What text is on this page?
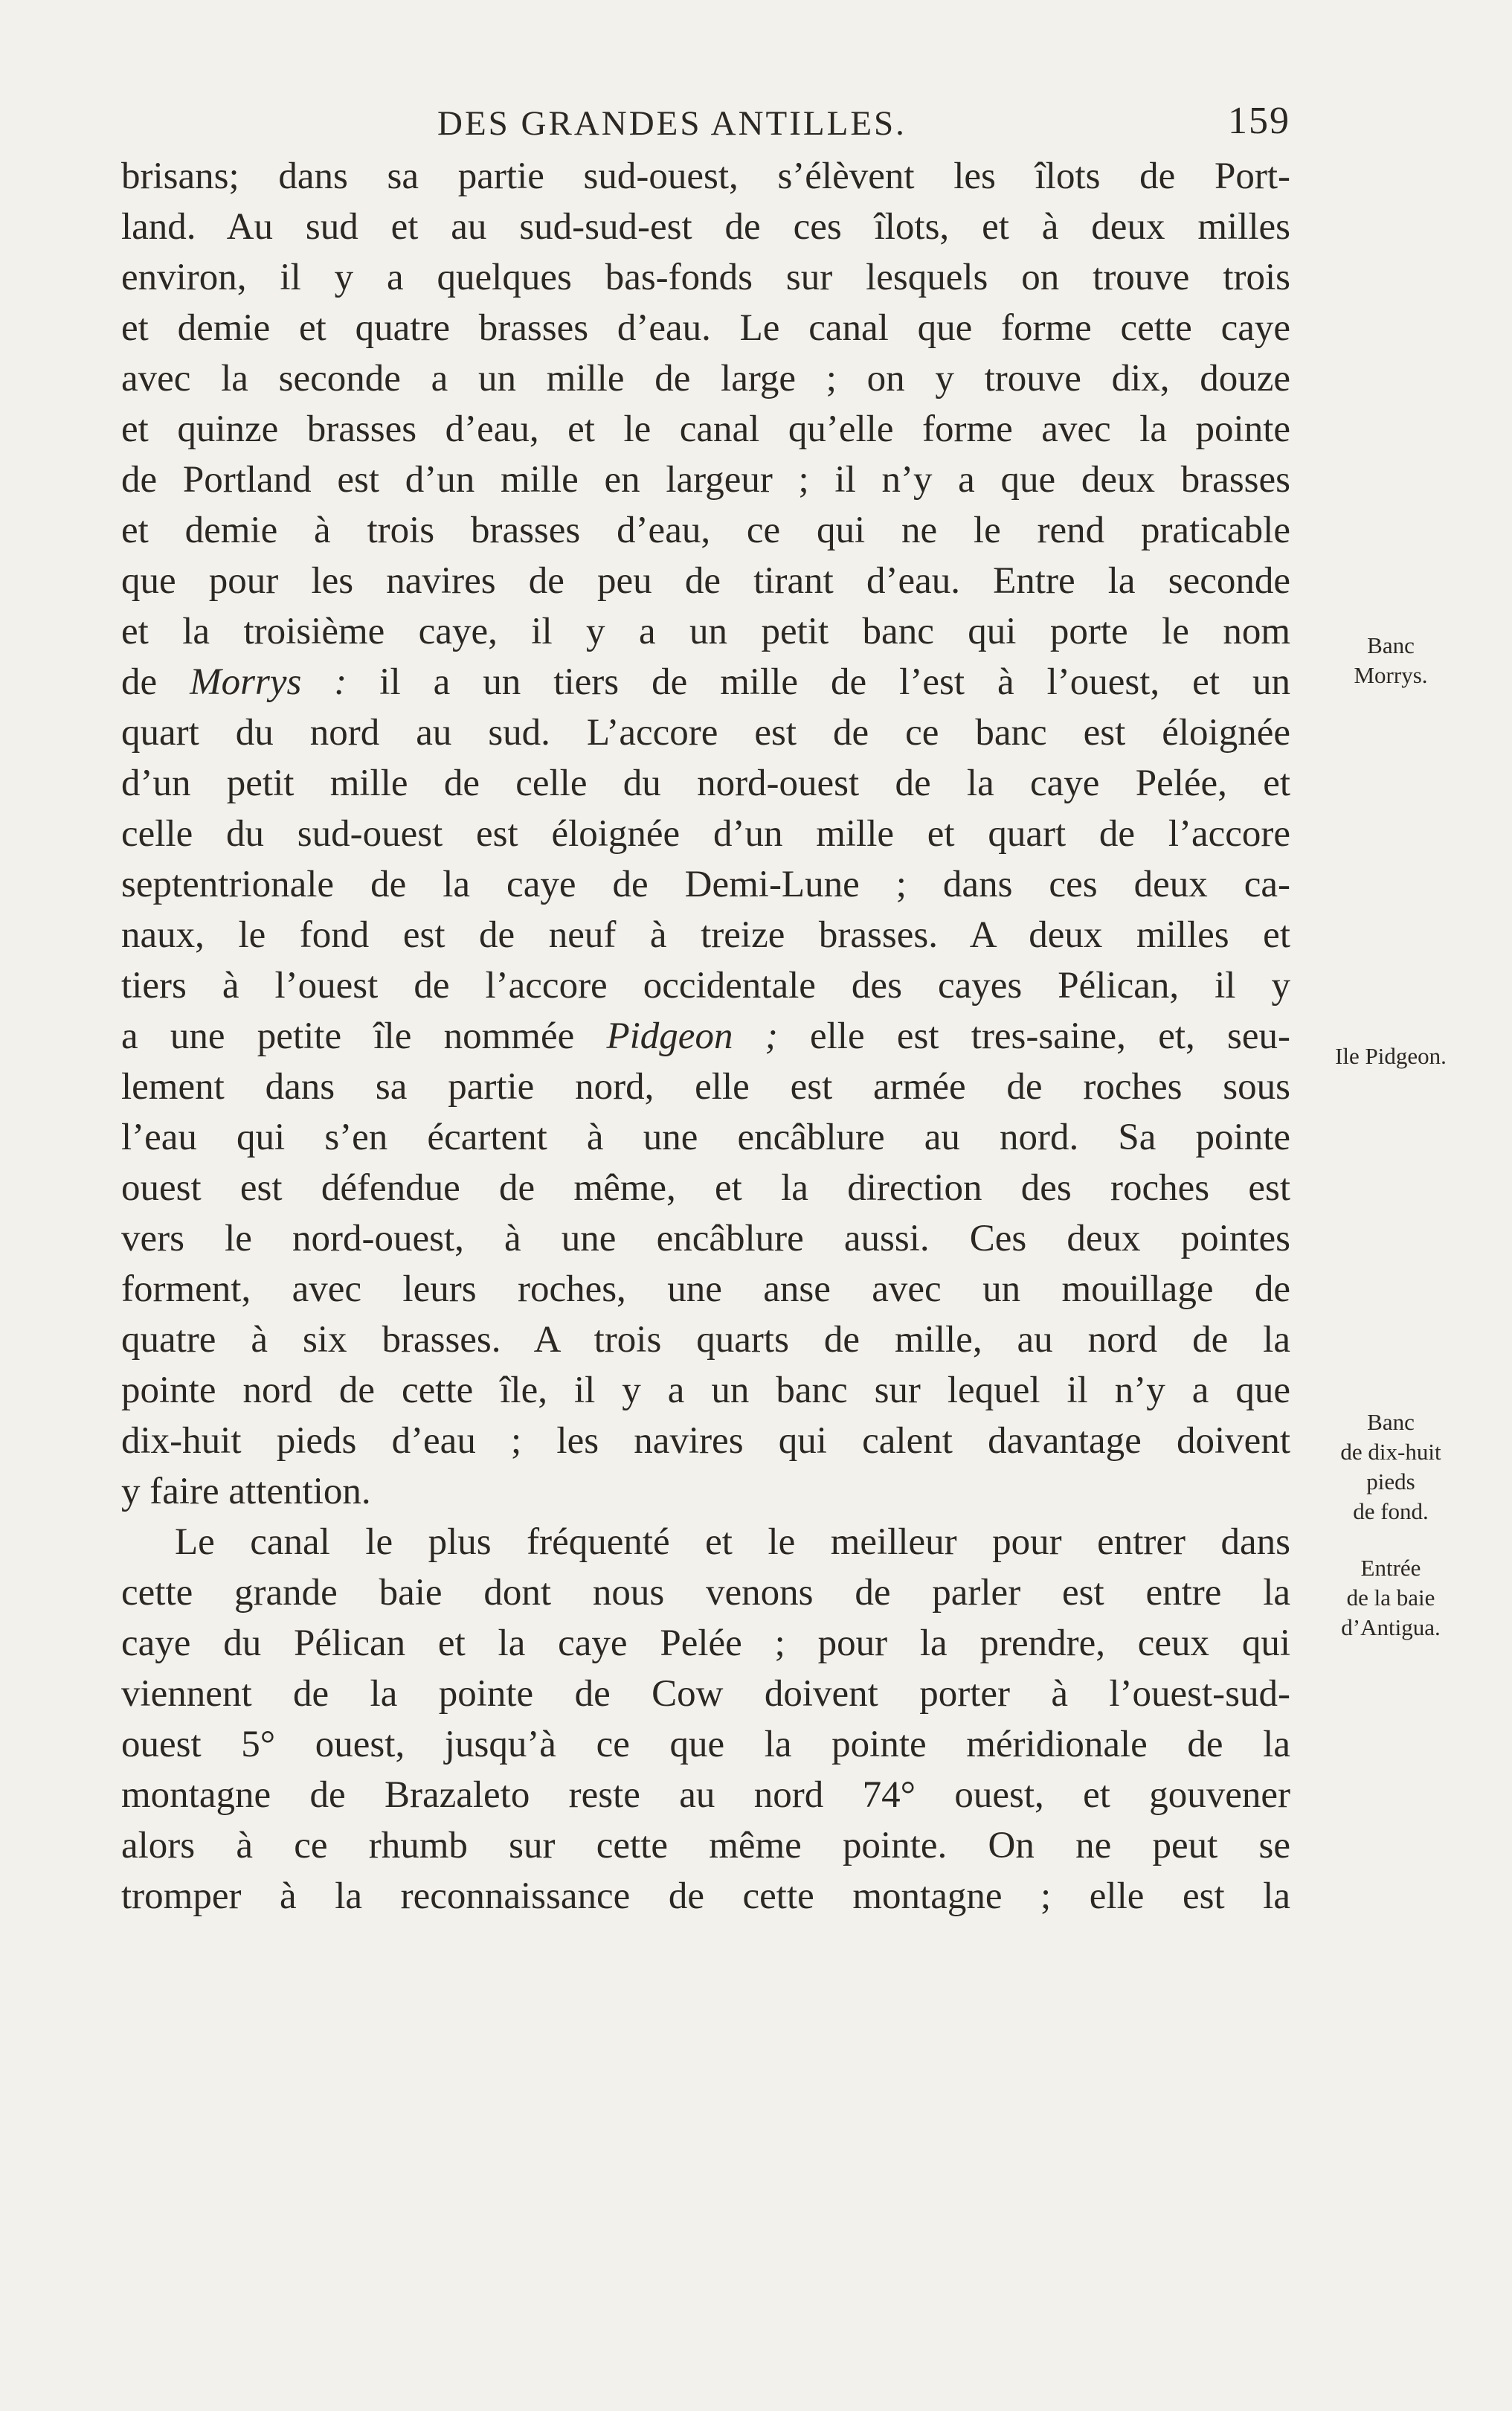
DES GRANDES ANTILLES.	159
brisans; dans sa partie sud-ouest, s’élèvent les îlots de Port-
land. Au sud et au sud-sud-est de ces îlots, et à deux milles
environ, il y a quelques bas-fonds sur lesquels on trouve trois
et demie et quatre brasses d’eau. Le canal que forme cette caye
avec la seconde a un mille de large ; on y trouve dix, douze
et quinze brasses d’eau, et le canal qu’elle forme avec la pointe
de Portland est d’un mille en largeur ; il n’y a que deux brasses
et demie à trois brasses d’eau, ce qui ne le rend praticable
que pour les navires de peu de tirant d’eau. Entre la seconde
et la troisième caye, il y a un petit banc qui porte le nom
de Morrys : il a un tiers de mille de l’est à l’ouest, et un
quart du nord au sud. L’accore est de ce banc est éloignée
d’un petit mille de celle du nord-ouest de la caye Pelée, et
celle du sud-ouest est éloignée d’un mille et quart de l’accore
septentrionale de la caye de Demi-Lune ; dans ces deux ca-
naux, le fond est de neuf à treize brasses. A deux milles et
tiers à l’ouest de l’accore occidentale des cayes Pélican, il y
a une petite île nommée Pidgeon ; elle est tres-saine, et, seu-
lement dans sa partie nord, elle est armée de roches sous
l’eau qui s’en écartent à une encâblure au nord. Sa pointe
ouest est défendue de même, et la direction des roches est
vers le nord-ouest, à une encâblure aussi. Ces deux pointes
forment, avec leurs roches, une anse avec un mouillage de
quatre à six brasses. A trois quarts de mille, au nord de la
pointe nord de cette île, il y a un banc sur lequel il n’y a que
dix-huit pieds d’eau ; les navires qui calent davantage doivent
y faire attention.
Le canal le plus fréquenté et le meilleur pour entrer dans
cette grande baie dont nous venons de parler est entre la
caye du Pélican et la caye Pelée ; pour la prendre, ceux qui
viennent de la pointe de Cow doivent porter à l’ouest-sud-
ouest 5° ouest, jusqu’à ce que la pointe méridionale de la
montagne de Brazaleto reste au nord 74° ouest, et gouvener
alors à ce rhumb sur cette même pointe. On ne peut se
tromper à la reconnaissance de cette montagne ; elle est la
Banc
Morrys.
Ile Pidgeon.
Banc
de dix-huit
pieds
de fond.
Entrée
de la baie
d’Antigua.
